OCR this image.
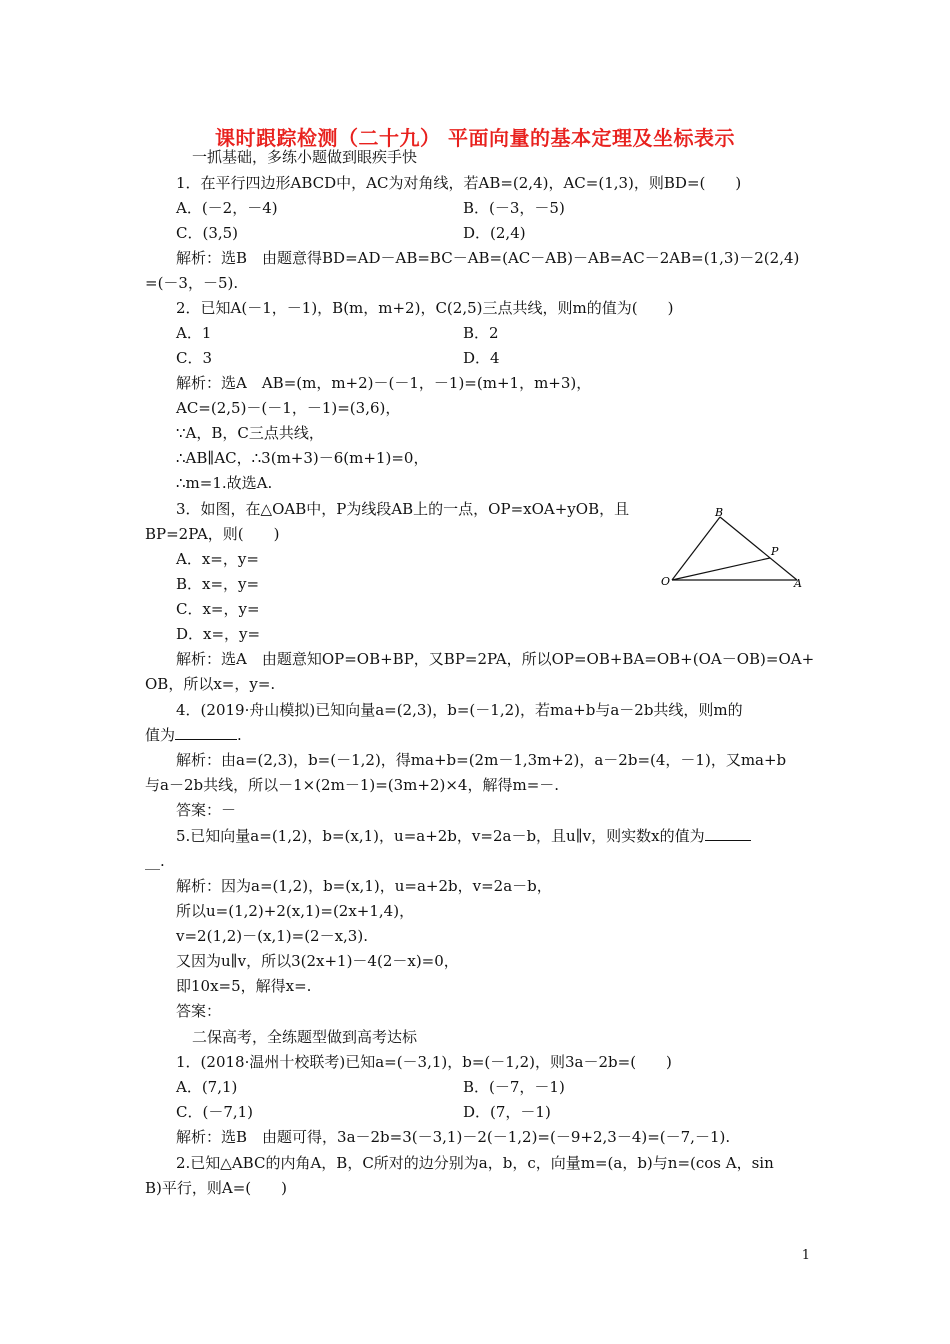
课时跟踪检测（二十九） 平面向量的基本定理及坐标表示
一抓基础，多练小题做到眼疾手快
1．在平行四边形ABCD中，AC为对角线，若AB=(2,4)，AC=(1,3)，则BD=(　　)
A．(－2，－4)	B．(－3，－5)
C．(3,5)	D．(2,4)
解析：选B　由题意得BD=AD－AB=BC－AB=(AC－AB)－AB=AC－2AB=(1,3)－2(2,4)
=(－3，－5).
2．已知A(－1，－1)，B(m，m+2)，C(2,5)三点共线，则m的值为(　　)
A．1	B．2
C．3	D．4
解析：选A　AB=(m，m+2)－(－1，－1)=(m+1，m+3)，
AC=(2,5)－(－1，－1)=(3,6)，
∵A，B，C三点共线，
∴AB∥AC，∴3(m+3)－6(m+1)=0，
∴m=1.故选A.
3．如图，在△OAB中，P为线段AB上的一点，OP=xOA+yOB，且
BP=2PA，则(　　)
A．x=，y=
B．x=，y=
C．x=，y=
D．x=，y=
B
P
O	A
解析：选A　由题意知OP=OB+BP，又BP=2PA，所以OP=OB+BA=OB+(OA－OB)=OA+
OB，所以x=，y=.
4．(2019·舟山模拟)已知向量a=(2,3)，b=(－1,2)，若ma+b与a－2b共线，则m的
值为	.
解析：由a=(2,3)，b=(－1,2)，得ma+b=(2m－1,3m+2)，a－2b=(4，－1)，又ma+b
与a－2b共线，所以－1×(2m－1)=(3m+2)×4，解得m=－.
答案：－
5.已知向量a=(1,2)，b=(x,1)，u=a+2b，v=2a－b，且u∥v，则实数x的值为
__.
解析：因为a=(1,2)，b=(x,1)，u=a+2b，v=2a－b，
所以u=(1,2)+2(x,1)=(2x+1,4)，
v=2(1,2)－(x,1)=(2－x,3).
又因为u∥v，所以3(2x+1)－4(2－x)=0，
即10x=5，解得x=.
答案：
二保高考，全练题型做到高考达标
1．(2018·温州十校联考)已知a=(－3,1)，b=(－1,2)，则3a－2b=(　　)
A．(7,1)	B．(－7，－1)
C．(－7,1)	D．(7，－1)
解析：选B　由题可得，3a－2b=3(－3,1)－2(－1,2)=(－9+2,3－4)=(－7,－1).
2.已知△ABC的内角A，B，C所对的边分别为a，b，c，向量m=(a，b)与n=(cos A，sin
B)平行，则A=(　　)
1
